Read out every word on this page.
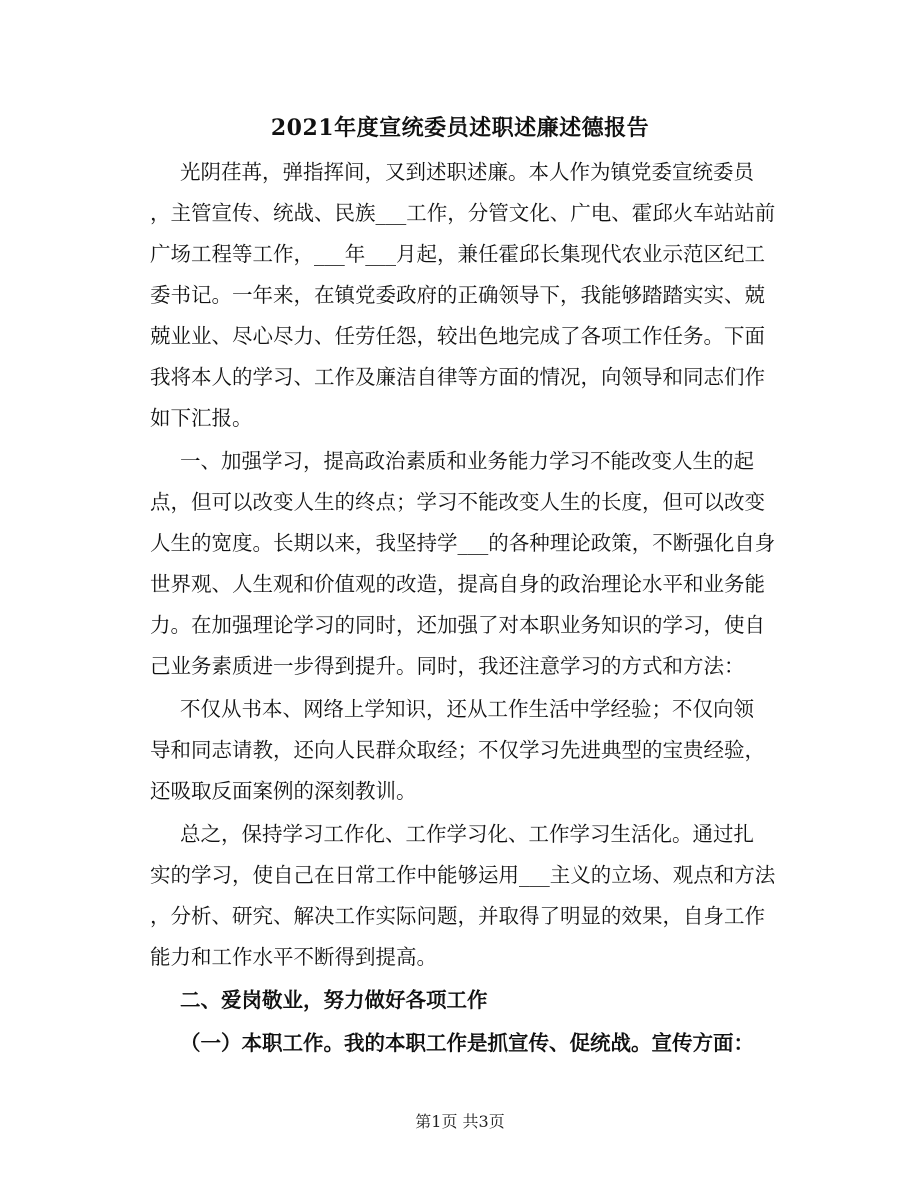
2021年度宣统委员述职述廉述德报告
光阴荏苒，弹指挥间，又到述职述廉。本人作为镇党委宣统委员
，主管宣传、统战、民族___工作，分管文化、广电、霍邱火车站站前
广场工程等工作，___年___月起，兼任霍邱长集现代农业示范区纪工
委书记。一年来，在镇党委政府的正确领导下，我能够踏踏实实、兢
兢业业、尽心尽力、任劳任怨，较出色地完成了各项工作任务。下面
我将本人的学习、工作及廉洁自律等方面的情况，向领导和同志们作
如下汇报。
一、加强学习，提高政治素质和业务能力学习不能改变人生的起
点，但可以改变人生的终点；学习不能改变人生的长度，但可以改变
人生的宽度。长期以来，我坚持学___的各种理论政策，不断强化自身
世界观、人生观和价值观的改造，提高自身的政治理论水平和业务能
力。在加强理论学习的同时，还加强了对本职业务知识的学习，使自
己业务素质进一步得到提升。同时，我还注意学习的方式和方法：
不仅从书本、网络上学知识，还从工作生活中学经验；不仅向领
导和同志请教，还向人民群众取经；不仅学习先进典型的宝贵经验，
还吸取反面案例的深刻教训。
总之，保持学习工作化、工作学习化、工作学习生活化。通过扎
实的学习，使自己在日常工作中能够运用___主义的立场、观点和方法
，分析、研究、解决工作实际问题，并取得了明显的效果，自身工作
能力和工作水平不断得到提高。
二、爱岗敬业，努力做好各项工作
（一）本职工作。我的本职工作是抓宣传、促统战。宣传方面：
第1页 共3页
